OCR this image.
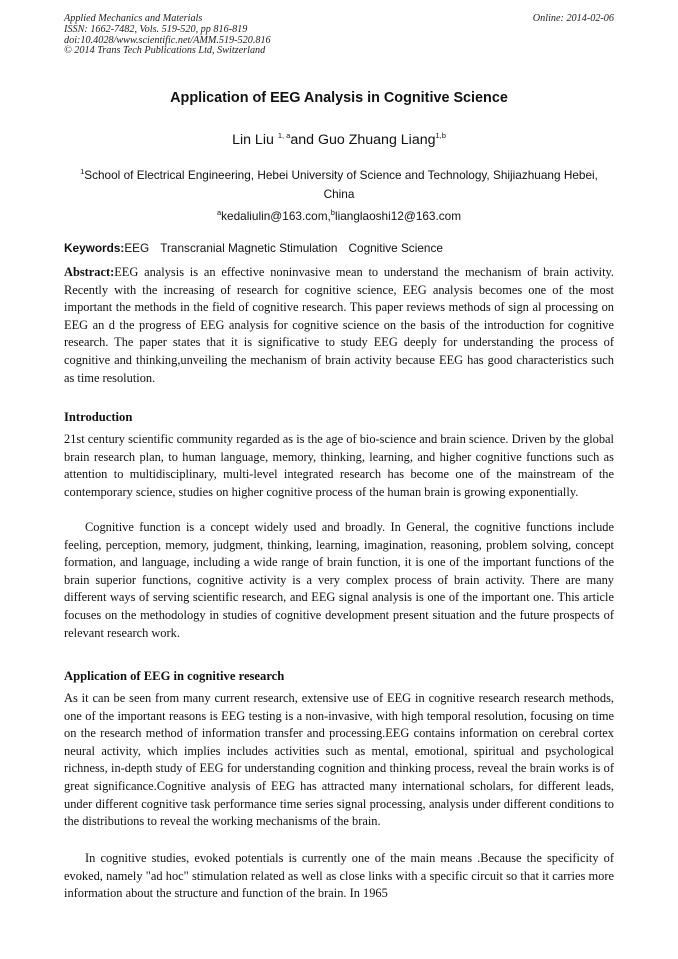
Applied Mechanics and Materials
ISSN: 1662-7482, Vols. 519-520, pp 816-819
doi:10.4028/www.scientific.net/AMM.519-520.816
© 2014 Trans Tech Publications Ltd, Switzerland
Online: 2014-02-06
Application of EEG Analysis in Cognitive Science
Lin Liu $^{1, a}$and Guo Zhuang Liang$^{1,b}$
$^1$School of Electrical Engineering, Hebei University of Science and Technology, Shijiazhuang Hebei, China
$^a$kedaliulin@163.com,$^b$lianglaoshi12@163.com
Keywords:EEG Transcranial Magnetic Stimulation Cognitive Science
Abstract:EEG analysis is an effective noninvasive mean to understand the mechanism of brain activity. Recently with the increasing of research for cognitive science, EEG analysis becomes one of the most important the methods in the field of cognitive research. This paper reviews methods of sign al processing on EEG an d the progress of EEG analysis for cognitive science on the basis of the introduction for cognitive research. The paper states that it is significative to study EEG deeply for understanding the process of cognitive and thinking,unveiling the mechanism of brain activity because EEG has good characteristics such as time resolution.
Introduction
21st century scientific community regarded as is the age of bio-science and brain science. Driven by the global brain research plan, to human language, memory, thinking, learning, and higher cognitive functions such as attention to multidisciplinary, multi-level integrated research has become one of the mainstream of the contemporary science, studies on higher cognitive process of the human brain is growing exponentially.
Cognitive function is a concept widely used and broadly. In General, the cognitive functions include feeling, perception, memory, judgment, thinking, learning, imagination, reasoning, problem solving, concept formation, and language, including a wide range of brain function, it is one of the important functions of the brain superior functions, cognitive activity is a very complex process of brain activity. There are many different ways of serving scientific research, and EEG signal analysis is one of the important one. This article focuses on the methodology in studies of cognitive development present situation and the future prospects of relevant research work.
Application of EEG in cognitive research
As it can be seen from many current research, extensive use of EEG in cognitive research research methods, one of the important reasons is EEG testing is a non-invasive, with high temporal resolution, focusing on time on the research method of information transfer and processing.EEG contains information on cerebral cortex neural activity, which implies includes activities such as mental, emotional, spiritual and psychological richness, in-depth study of EEG for understanding cognition and thinking process, reveal the brain works is of great significance.Cognitive analysis of EEG has attracted many international scholars, for different leads, under different cognitive task performance time series signal processing, analysis under different conditions to the distributions to reveal the working mechanisms of the brain.
In cognitive studies, evoked potentials is currently one of the main means .Because the specificity of evoked, namely "ad hoc" stimulation related as well as close links with a specific circuit so that it carries more information about the structure and function of the brain. In 1965
